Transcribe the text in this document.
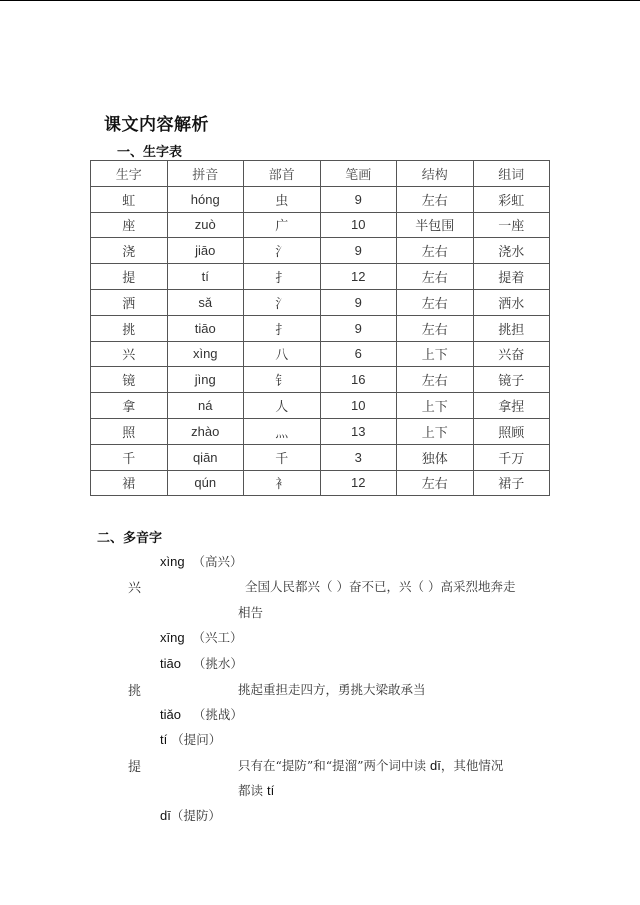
课文内容解析
一、生字表
生字	拼音	部首	笔画	结构	组词
虹	hóng	虫	9	左右	彩虹
座	zuò	广	10	半包围	一座
浇	jiāo	氵	9	左右	浇水
提	tí	扌	12	左右	提着
洒	sǎ	氵	9	左右	洒水
挑	tiāo	扌	9	左右	挑担
兴	xìng	八	6	上下	兴奋
镜	jìng	钅	16	左右	镜子
拿	ná	人	10	上下	拿捏
照	zhào	灬	13	上下	照顾
千	qiān	千	3	独体	千万
裙	qún	衤	12	左右	裙子
二、多音字
xìng （高兴）
兴	全国人民都兴（ ）奋不已，兴（ ）高采烈地奔走
相告
xīng （兴工）
tiāo （挑水）
挑	挑起重担走四方，勇挑大梁敢承当
tiǎo （挑战）
tí （提问）
提	只有在“提防”和“提溜”两个词中读 dī，其他情况
都读 tí
dī（提防）
